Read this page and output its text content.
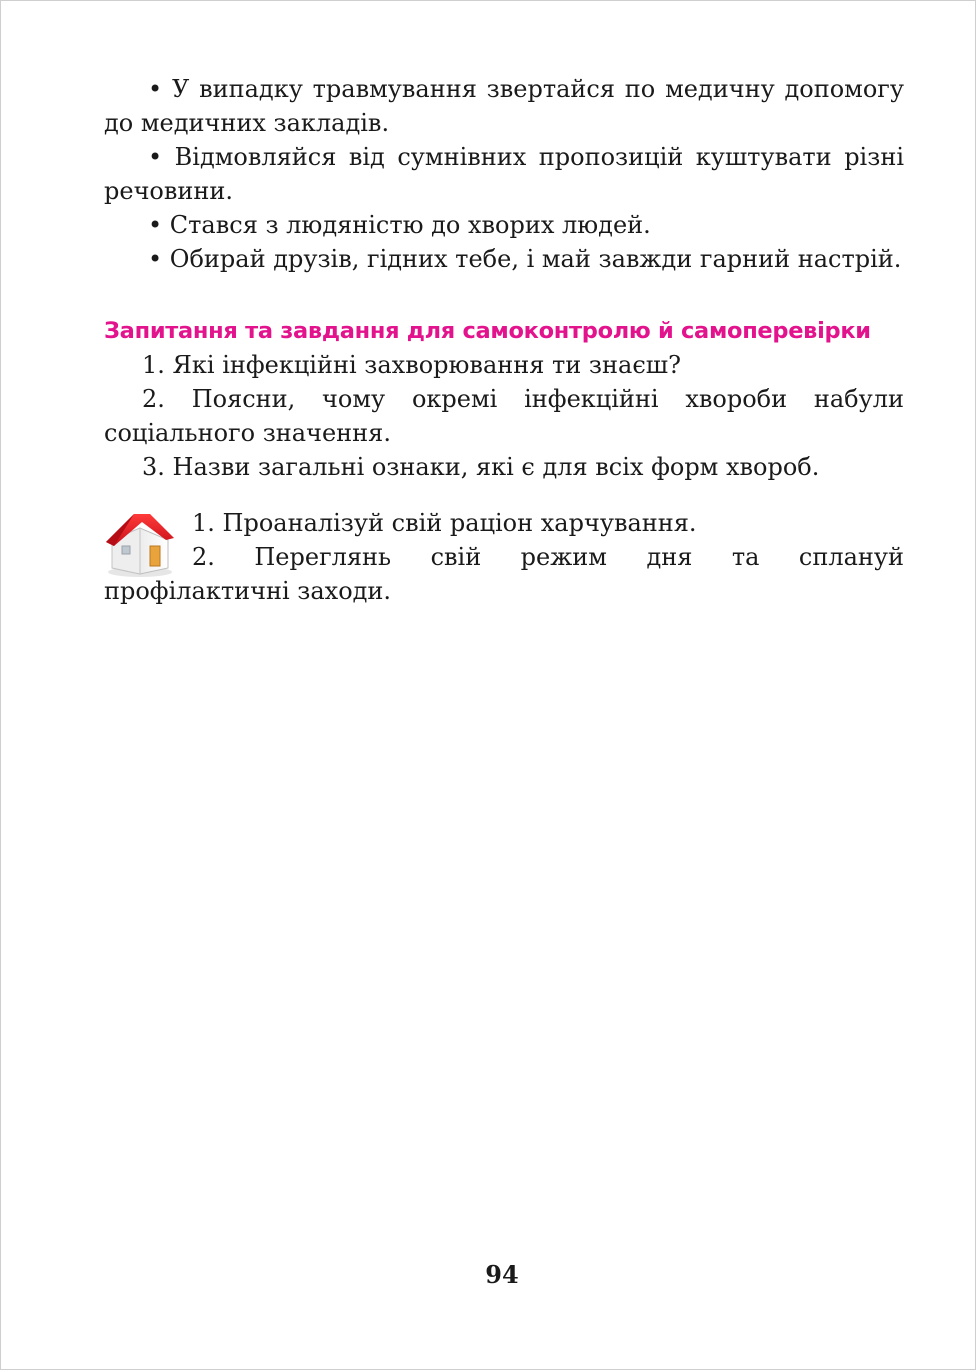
• У випадку травмування звертайся по медичну допомогу до медичних закладів.

• Відмовляйся від сумнівних пропозицій куштувати різні речовини.

• Стався з людяністю до хворих людей.

• Обирай друзів, гідних тебе, і май завжди гарний настрій.

Запитання та завдання для самоконтролю й самоперевірки

1. Які інфекційні захворювання ти знаєш?

2. Поясни, чому окремі інфекційні хвороби набули соціального значення.

3. Назви загальні ознаки, які є для всіх форм хвороб.

1. Проаналізуй свій раціон харчування.

2. Переглянь свій режим дня та сплануй профілактичні заходи.

94
